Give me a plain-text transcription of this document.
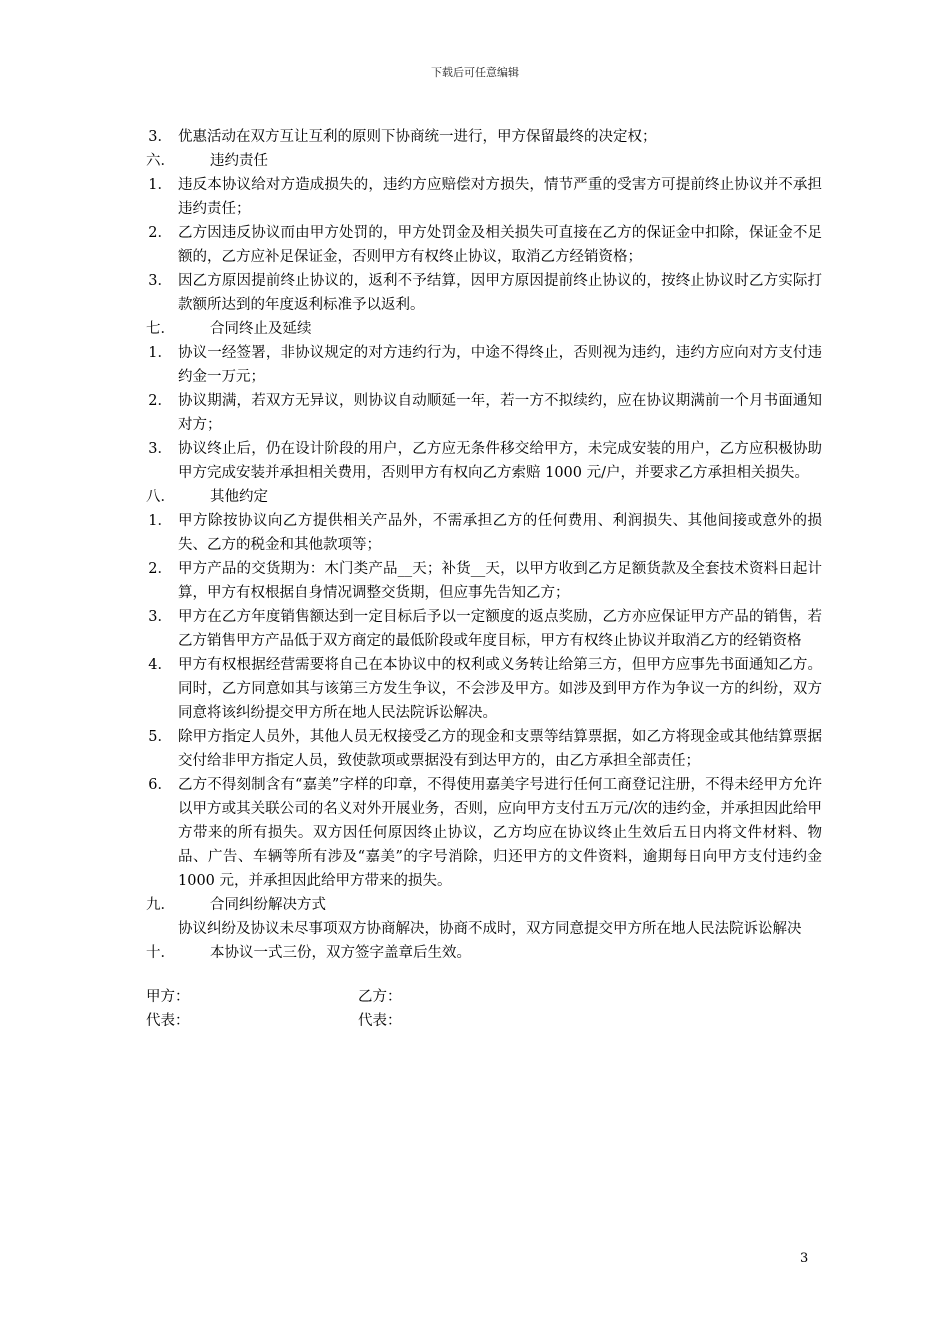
下载后可任意编辑
3． 优惠活动在双方互让互利的原则下协商统一进行，甲方保留最终的决定权；
六．	违约责任
1． 违反本协议给对方造成损失的，违约方应赔偿对方损失，情节严重的受害方可提前终止协议并不承担违约责任；
2． 乙方因违反协议而由甲方处罚的，甲方处罚金及相关损失可直接在乙方的保证金中扣除，保证金不足额的，乙方应补足保证金，否则甲方有权终止协议，取消乙方经销资格；
3． 因乙方原因提前终止协议的，返利不予结算，因甲方原因提前终止协议的，按终止协议时乙方实际打款额所达到的年度返利标准予以返利。
七．	合同终止及延续
1． 协议一经签署，非协议规定的对方违约行为，中途不得终止，否则视为违约，违约方应向对方支付违约金一万元；
2． 协议期满，若双方无异议，则协议自动顺延一年，若一方不拟续约，应在协议期满前一个月书面通知对方；
3． 协议终止后，仍在设计阶段的用户，乙方应无条件移交给甲方，未完成安装的用户，乙方应积极协助甲方完成安装并承担相关费用，否则甲方有权向乙方索赔 1000 元/户，并要求乙方承担相关损失。
八．	其他约定
1． 甲方除按协议向乙方提供相关产品外，不需承担乙方的任何费用、利润损失、其他间接或意外的损失、乙方的税金和其他款项等；
2． 甲方产品的交货期为：木门类产品__天；补货__天，以甲方收到乙方足额货款及全套技术资料日起计算，甲方有权根据自身情况调整交货期，但应事先告知乙方；
3． 甲方在乙方年度销售额达到一定目标后予以一定额度的返点奖励，乙方亦应保证甲方产品的销售，若乙方销售甲方产品低于双方商定的最低阶段或年度目标，甲方有权终止协议并取消乙方的经销资格
4． 甲方有权根据经营需要将自己在本协议中的权利或义务转让给第三方，但甲方应事先书面通知乙方。同时，乙方同意如其与该第三方发生争议，不会涉及甲方。如涉及到甲方作为争议一方的纠纷，双方同意将该纠纷提交甲方所在地人民法院诉讼解决。
5． 除甲方指定人员外，其他人员无权接受乙方的现金和支票等结算票据，如乙方将现金或其他结算票据交付给非甲方指定人员，致使款项或票据没有到达甲方的，由乙方承担全部责任；
6． 乙方不得刻制含有“嘉美”字样的印章，不得使用嘉美字号进行任何工商登记注册，不得未经甲方允许以甲方或其关联公司的名义对外开展业务，否则，应向甲方支付五万元/次的违约金，并承担因此给甲方带来的所有损失。双方因任何原因终止协议，乙方均应在协议终止生效后五日内将文件材料、物品、广告、车辆等所有涉及“嘉美”的字号消除，归还甲方的文件资料，逾期每日向甲方支付违约金 1000 元，并承担因此给甲方带来的损失。
九．	合同纠纷解决方式
协议纠纷及协议未尽事项双方协商解决，协商不成时，双方同意提交甲方所在地人民法院诉讼解决
十．	本协议一式三份，双方签字盖章后生效。
甲方：	乙方：
代表：	代表：
3
